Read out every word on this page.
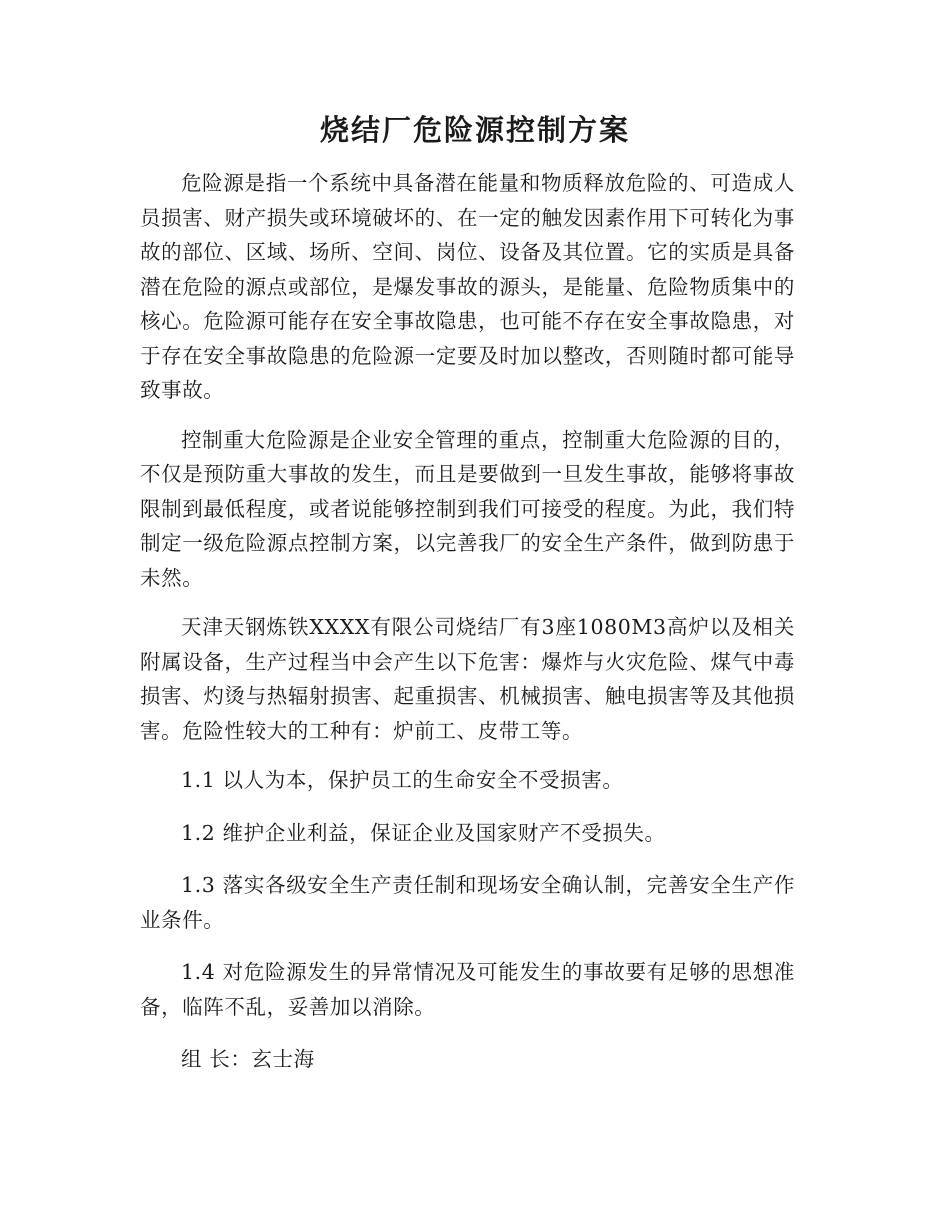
烧结厂危险源控制方案

危险源是指一个系统中具备潜在能量和物质释放危险的、可造成人员损害、财产损失或环境破坏的、在一定的触发因素作用下可转化为事故的部位、区域、场所、空间、岗位、设备及其位置。它的实质是具备潜在危险的源点或部位，是爆发事故的源头，是能量、危险物质集中的核心。危险源可能存在安全事故隐患，也可能不存在安全事故隐患，对于存在安全事故隐患的危险源一定要及时加以整改，否则随时都可能导致事故。

控制重大危险源是企业安全管理的重点，控制重大危险源的目的，不仅是预防重大事故的发生，而且是要做到一旦发生事故，能够将事故限制到最低程度，或者说能够控制到我们可接受的程度。为此，我们特制定一级危险源点控制方案，以完善我厂的安全生产条件，做到防患于未然。

天津天钢炼铁XXXX有限公司烧结厂有3座1080M3高炉以及相关附属设备，生产过程当中会产生以下危害：爆炸与火灾危险、煤气中毒损害、灼烫与热辐射损害、起重损害、机械损害、触电损害等及其他损害。危险性较大的工种有：炉前工、皮带工等。

1.1 以人为本，保护员工的生命安全不受损害。

1.2 维护企业利益，保证企业及国家财产不受损失。

1.3 落实各级安全生产责任制和现场安全确认制，完善安全生产作业条件。

1.4 对危险源发生的异常情况及可能发生的事故要有足够的思想准备，临阵不乱，妥善加以消除。

组 长：玄士海
